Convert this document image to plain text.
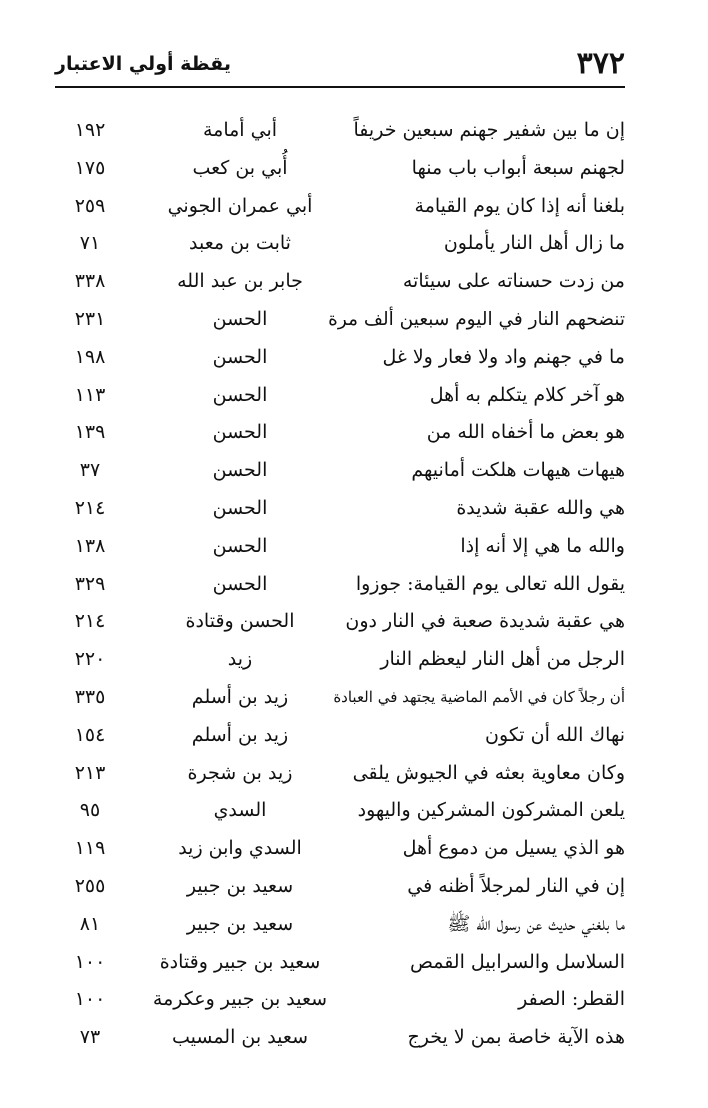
٣٧٢
يقظة أولي الاعتبار
إن ما بين شفير جهنم سبعين خريفاً
أبي أمامة
١٩٢
لجهنم سبعة أبواب باب منها
أُبي بن كعب
١٧٥
بلغنا أنه إذا كان يوم القيامة
أبي عمران الجوني
٢٥٩
ما زال أهل النار يأملون
ثابت بن معبد
٧١
من زدت حسناته على سيئاته
جابر بن عبد الله
٣٣٨
تنضحهم النار في اليوم سبعين ألف مرة
الحسن
٢٣١
ما في جهنم واد ولا فعار ولا غل
الحسن
١٩٨
هو آخر كلام يتكلم به أهل
الحسن
١١٣
هو بعض ما أخفاه الله من
الحسن
١٣٩
هيهات هيهات هلكت أمانيهم
الحسن
٣٧
هي والله عقبة شديدة
الحسن
٢١٤
والله ما هي إلا أنه إذا
الحسن
١٣٨
يقول الله تعالى يوم القيامة: جوزوا
الحسن
٣٢٩
هي عقبة شديدة صعبة في النار دون
الحسن وقتادة
٢١٤
الرجل من أهل النار ليعظم النار
زيد
٢٢٠
أن رجلاً كان في الأمم الماضية يجتهد في العبادة
زيد بن أسلم
٣٣٥
نهاك الله أن تكون
زيد بن أسلم
١٥٤
وكان معاوية بعثه في الجيوش يلقى
زيد بن شجرة
٢١٣
يلعن المشركون المشركين واليهود
السدي
٩٥
هو الذي يسيل من دموع أهل
السدي وابن زيد
١١٩
إن في النار لمرجلاً أظنه في
سعيد بن جبير
٢٥٥
ما بلغني حديث عن رسول الله ﷺ
سعيد بن جبير
٨١
السلاسل والسرابيل القمص
سعيد بن جبير وقتادة
١٠٠
القطر: الصفر
سعيد بن جبير وعكرمة
١٠٠
هذه الآية خاصة بمن لا يخرج
سعيد بن المسيب
٧٣
